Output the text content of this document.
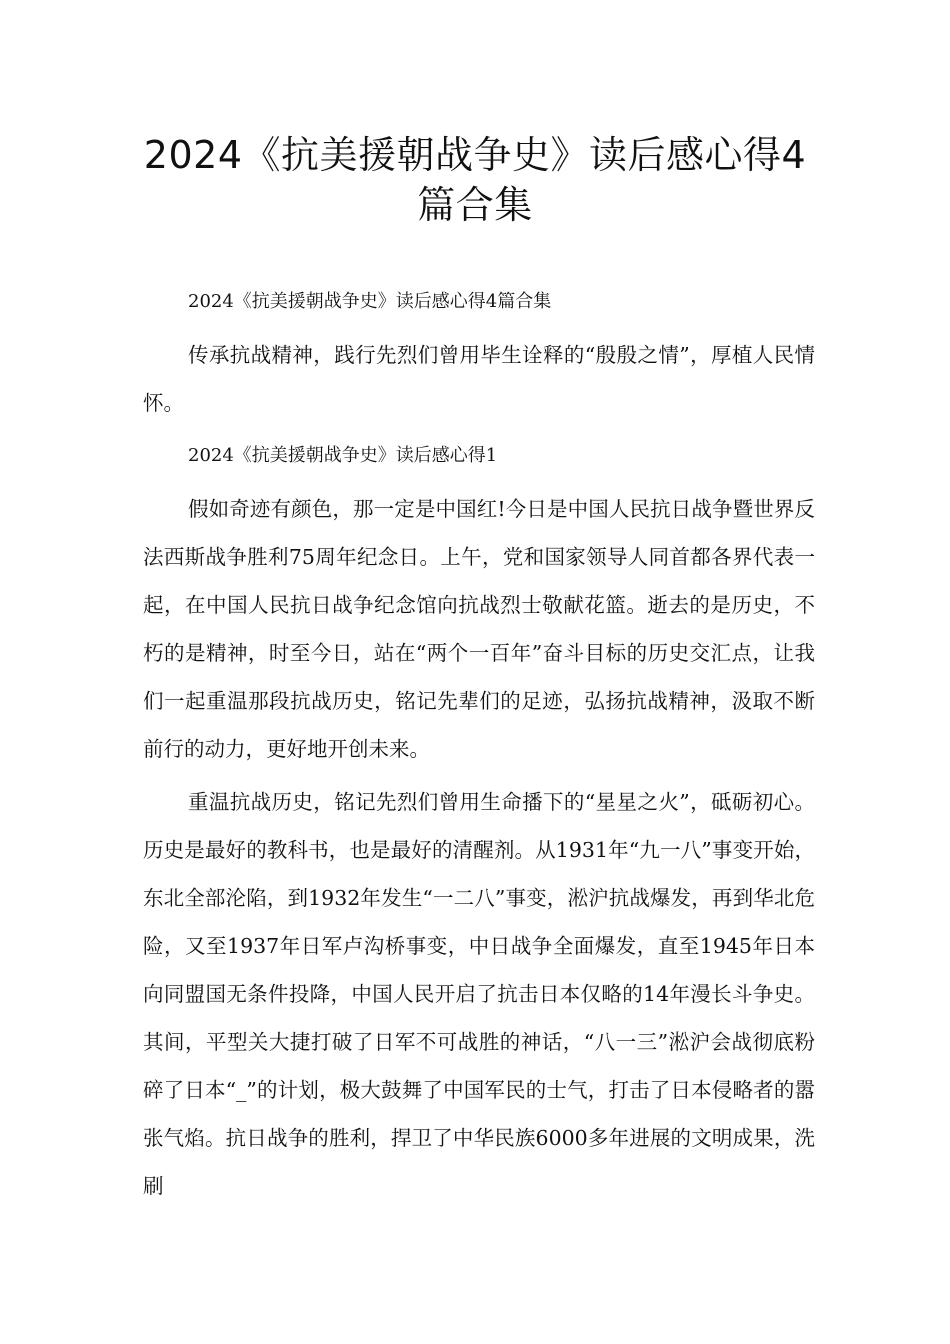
2024《抗美援朝战争史》读后感心得4
篇合集

2024《抗美援朝战争史》读后感心得4篇合集

传承抗战精神，践行先烈们曾用毕生诠释的“殷殷之情”，厚植人民情怀。

2024《抗美援朝战争史》读后感心得1

假如奇迹有颜色，那一定是中国红!今日是中国人民抗日战争暨世界反法西斯战争胜利75周年纪念日。上午，党和国家领导人同首都各界代表一起，在中国人民抗日战争纪念馆向抗战烈士敬献花篮。逝去的是历史，不朽的是精神，时至今日，站在“两个一百年”奋斗目标的历史交汇点，让我们一起重温那段抗战历史，铭记先辈们的足迹，弘扬抗战精神，汲取不断前行的动力，更好地开创未来。

重温抗战历史，铭记先烈们曾用生命播下的“星星之火”，砥砺初心。历史是最好的教科书，也是最好的清醒剂。从1931年“九一八”事变开始，东北全部沦陷，到1932年发生“一二八”事变，淞沪抗战爆发，再到华北危险，又至1937年日军卢沟桥事变，中日战争全面爆发，直至1945年日本向同盟国无条件投降，中国人民开启了抗击日本仅略的14年漫长斗争史。其间，平型关大捷打破了日军不可战胜的神话，“八一三”淞沪会战彻底粉碎了日本“_”的计划，极大鼓舞了中国军民的士气，打击了日本侵略者的嚣张气焰。抗日战争的胜利，捍卫了中华民族6000多年进展的文明成果，洗刷
